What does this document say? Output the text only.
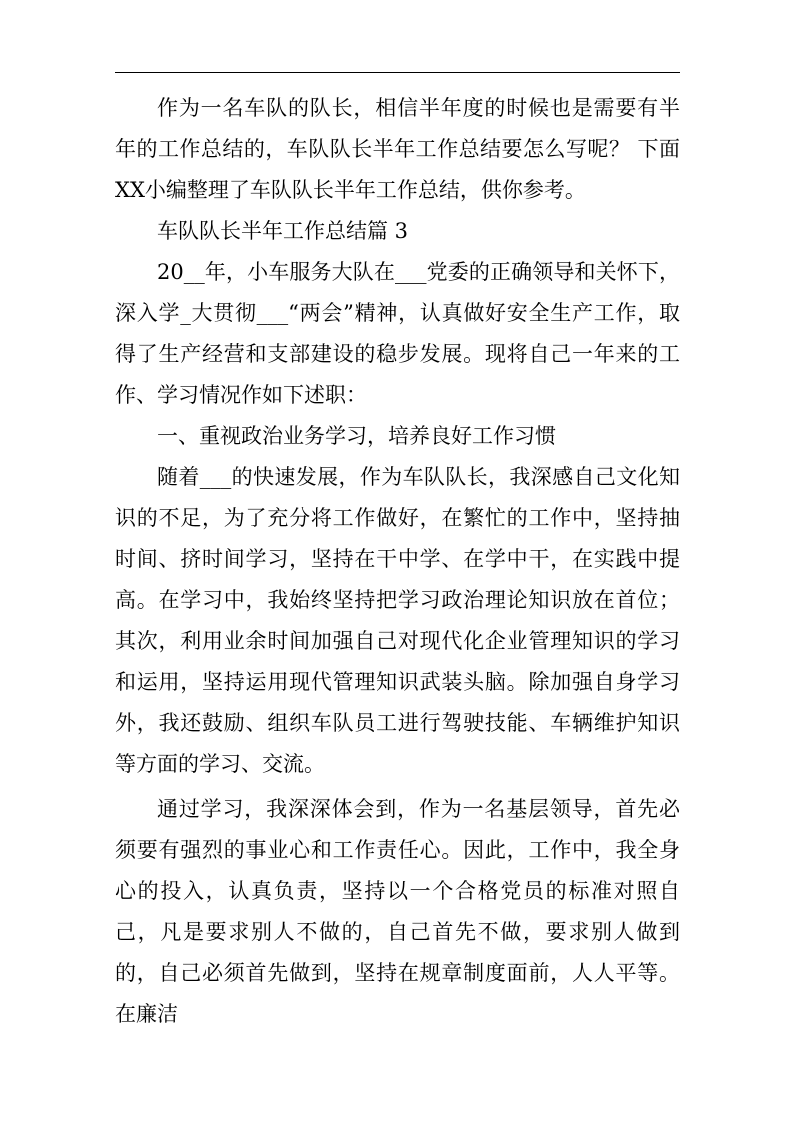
作为一名车队的队长，相信半年度的时候也是需要有半年的工作总结的，车队队长半年工作总结要怎么写呢？ 下面XX小编整理了车队队长半年工作总结，供你参考。

车队队长半年工作总结篇 3

20__年，小车服务大队在___党委的正确领导和关怀下，深入学_大贯彻___“两会”精神，认真做好安全生产工作，取得了生产经营和支部建设的稳步发展。现将自己一年来的工作、学习情况作如下述职：

一、重视政治业务学习，培养良好工作习惯

随着___的快速发展，作为车队队长，我深感自己文化知识的不足，为了充分将工作做好，在繁忙的工作中，坚持抽时间、挤时间学习，坚持在干中学、在学中干，在实践中提高。在学习中，我始终坚持把学习政治理论知识放在首位；其次，利用业余时间加强自己对现代化企业管理知识的学习和运用，坚持运用现代管理知识武装头脑。除加强自身学习外，我还鼓励、组织车队员工进行驾驶技能、车辆维护知识等方面的学习、交流。

通过学习，我深深体会到，作为一名基层领导，首先必须要有强烈的事业心和工作责任心。因此，工作中，我全身心的投入，认真负责，坚持以一个合格党员的标准对照自己，凡是要求别人不做的，自己首先不做，要求别人做到的，自己必须首先做到，坚持在规章制度面前，人人平等。在廉洁
